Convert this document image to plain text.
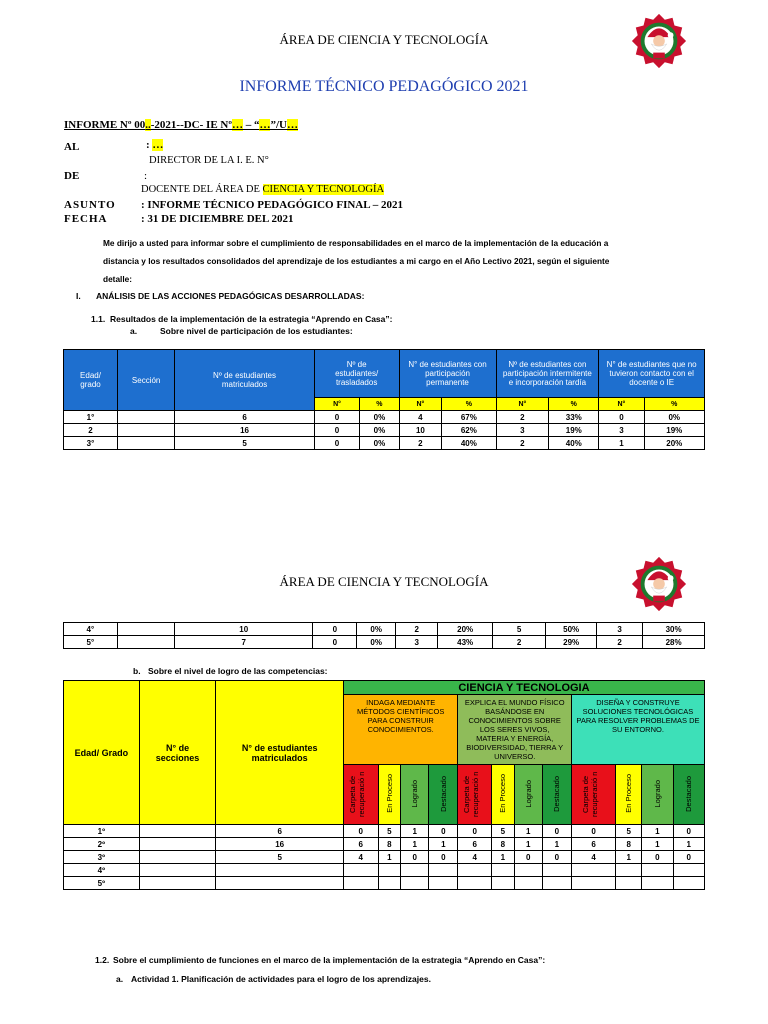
ÁREA DE CIENCIA Y TECNOLOGÍA
INFORME TÉCNICO PEDAGÓGICO 2021
INFORME Nº 00..-2021--DC- IE Nº… – “…”/U…
AL	: …
DIRECTOR DE LA I. E. N°
DE	:
DOCENTE DEL ÁREA DE CIENCIA Y TECNOLOGÍA
ASUNTO : INFORME TÉCNICO PEDAGÓGICO FINAL – 2021
FECHA	: 31 DE DICIEMBRE DEL 2021
Me dirijo a usted para informar sobre el cumplimiento de responsabilidades en el marco de la implementación de la educación a
distancia y los resultados consolidados del aprendizaje de los estudiantes a mi cargo en el Año Lectivo 2021, según el siguiente
detalle:
I. ANÁLISIS DE LAS ACCIONES PEDAGÓGICAS DESARROLLADAS:
1.1. Resultados de la implementación de la estrategia “Aprendo en Casa”:
a.	Sobre nivel de participación de los estudiantes:
Edad/ grado	Sección	Nº de estudiantes matriculados	Nº de estudiantes/ trasladados		N° de estudiantes con participación permanente		Nº de estudiantes con participación intermitente e incorporación tardía		N° de estudiantes que no tuvieron contacto con el docente o IE	
			N°	%	N°	%	N°	%	N°	%
1°		6	0	0%	4	67%	2	33%	0	0%
2		16	0	0%	10	62%	3	19%	3	19%
3°		5	0	0%	2	40%	2	40%	1	20%
ÁREA DE CIENCIA Y TECNOLOGÍA
4°		10	0	0%	2	20%	5	50%	3	30%
5°		7	0	0%	3	43%	2	29%	2	28%
b. Sobre el nivel de logro de las competencias:
Edad/ Grado	N° de secciones	N° de estudiantes matriculados	CIENCIA Y TECNOLOGIA											
			INDAGA MEDIANTE MÉTODOS CIENTÍFICOS PARA CONSTRUIR CONOCIMIENTOS.				EXPLICA EL MUNDO FÍSICO BASÁNDOSE EN CONOCIMIENTOS SOBRE LOS SERES VIVOS, MATERIA Y ENERGÍA, BIODIVERSIDAD, TIERRA Y UNIVERSO.				DISEÑA Y CONSTRUYE SOLUCIONES TECNOLÓGICAS PARA RESOLVER PROBLEMAS DE SU ENTORNO.			
			Carpeta de recuperació n	En Proceso	Logrado	Destacado	Carpeta de recuperació n	En Proceso	Logrado	Destacado	Carpeta de recuperació n	En Proceso	Logrado	Destacado
1º		6	0	5	1	0	0	5	1	0	0	5	1	0
2º		16	6	8	1	1	6	8	1	1	6	8	1	1
3º		5	4	1	0	0	4	1	0	0	4	1	0	0
4º														
5º														
1.2. Sobre el cumplimiento de funciones en el marco de la implementación de la estrategia “Aprendo en Casa”:
a. Actividad 1. Planificación de actividades para el logro de los aprendizajes.
